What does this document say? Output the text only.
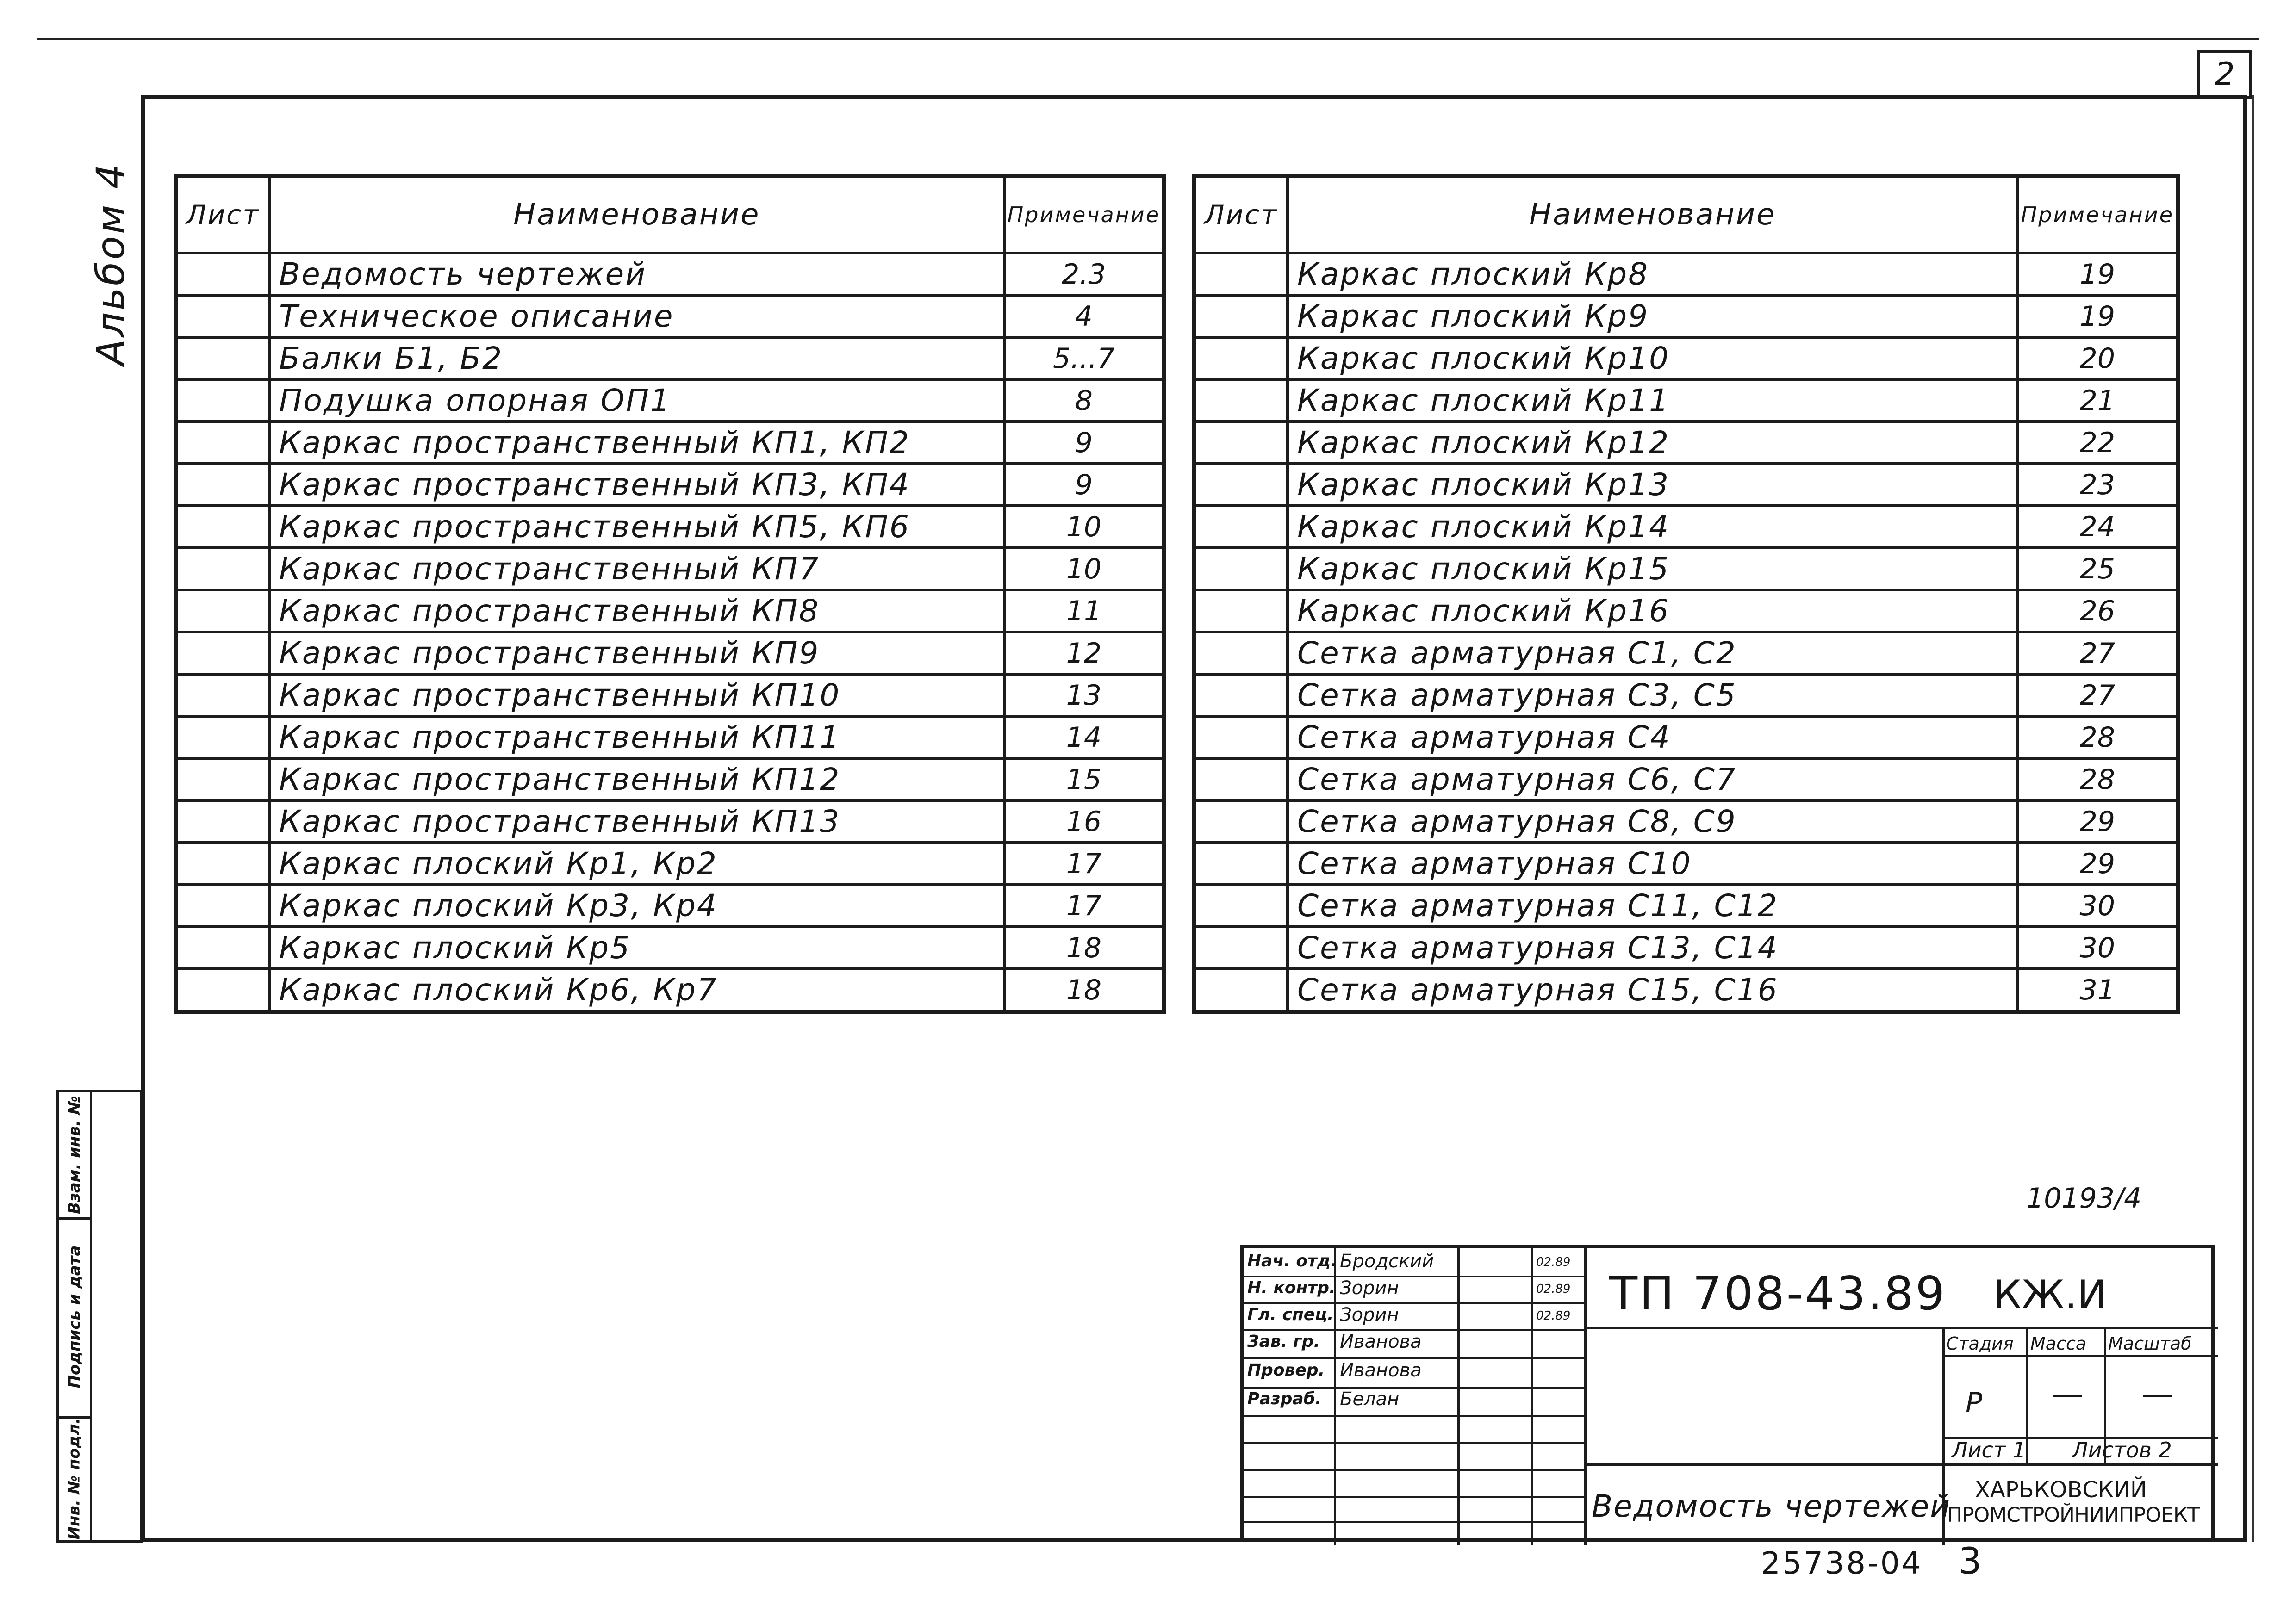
2
Альбом 4
Взам. инв. №
Подпись и дата
Инв. № подл.
Лист	Наименование	Примечание
	Ведомость чертежей	2.3
	Техническое описание	4
	Балки Б1, Б2	5...7
	Подушка опорная ОП1	8
	Каркас пространственный КП1, КП2	9
	Каркас пространственный КП3, КП4	9
	Каркас пространственный КП5, КП6	10
	Каркас пространственный КП7	10
	Каркас пространственный КП8	11
	Каркас пространственный КП9	12
	Каркас пространственный КП10	13
	Каркас пространственный КП11	14
	Каркас пространственный КП12	15
	Каркас пространственный КП13	16
	Каркас плоский Кр1, Кр2	17
	Каркас плоский Кр3, Кр4	17
	Каркас плоский Кр5	18
	Каркас плоский Кр6, Кр7	18
Лист	Наименование	Примечание
	Каркас плоский Кр8	19
	Каркас плоский Кр9	19
	Каркас плоский Кр10	20
	Каркас плоский Кр11	21
	Каркас плоский Кр12	22
	Каркас плоский Кр13	23
	Каркас плоский Кр14	24
	Каркас плоский Кр15	25
	Каркас плоский Кр16	26
	Сетка арматурная С1, С2	27
	Сетка арматурная С3, С5	27
	Сетка арматурная С4	28
	Сетка арматурная С6, С7	28
	Сетка арматурная С8, С9	29
	Сетка арматурная С10	29
	Сетка арматурная С11, С12	30
	Сетка арматурная С13, С14	30
	Сетка арматурная С15, С16	31
10193/4
Нач. отд. Бродский	02.89
Н. контр. Зорин	02.89
Гл. спец. Зорин	02.89
Зав. гр. Иванова
Провер. Иванова
Разраб. Белан
ТП 708-43.89 КЖ.И
Ведомость чертежей
Стадия Масса Масштаб
Р — —
Лист 1 Листов 2
ХАРЬКОВСКИЙ
ПРОМСТРОЙНИИПРОЕКТ
25738-04 3
